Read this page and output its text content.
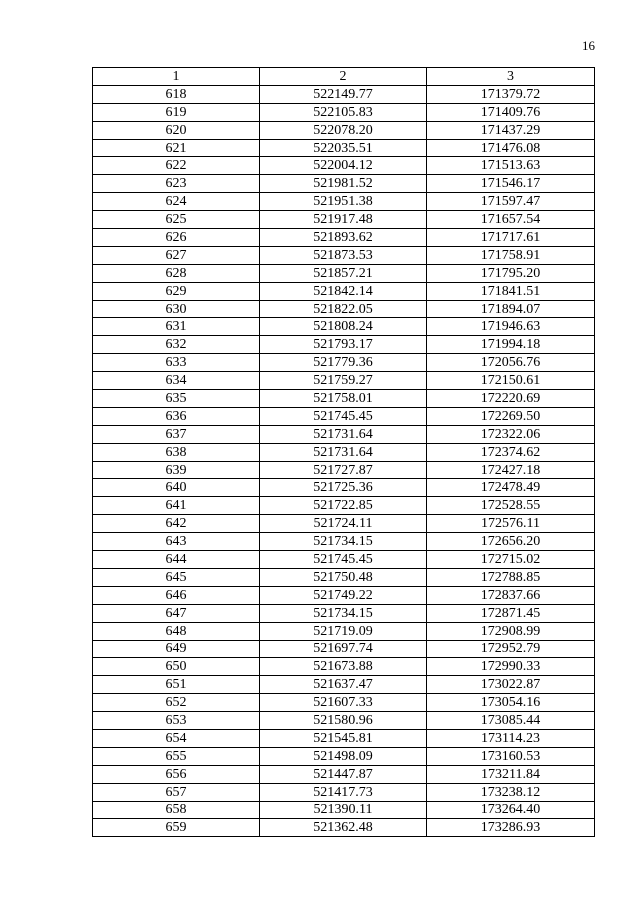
16
1	2	3
618	522149.77	171379.72
619	522105.83	171409.76
620	522078.20	171437.29
621	522035.51	171476.08
622	522004.12	171513.63
623	521981.52	171546.17
624	521951.38	171597.47
625	521917.48	171657.54
626	521893.62	171717.61
627	521873.53	171758.91
628	521857.21	171795.20
629	521842.14	171841.51
630	521822.05	171894.07
631	521808.24	171946.63
632	521793.17	171994.18
633	521779.36	172056.76
634	521759.27	172150.61
635	521758.01	172220.69
636	521745.45	172269.50
637	521731.64	172322.06
638	521731.64	172374.62
639	521727.87	172427.18
640	521725.36	172478.49
641	521722.85	172528.55
642	521724.11	172576.11
643	521734.15	172656.20
644	521745.45	172715.02
645	521750.48	172788.85
646	521749.22	172837.66
647	521734.15	172871.45
648	521719.09	172908.99
649	521697.74	172952.79
650	521673.88	172990.33
651	521637.47	173022.87
652	521607.33	173054.16
653	521580.96	173085.44
654	521545.81	173114.23
655	521498.09	173160.53
656	521447.87	173211.84
657	521417.73	173238.12
658	521390.11	173264.40
659	521362.48	173286.93
